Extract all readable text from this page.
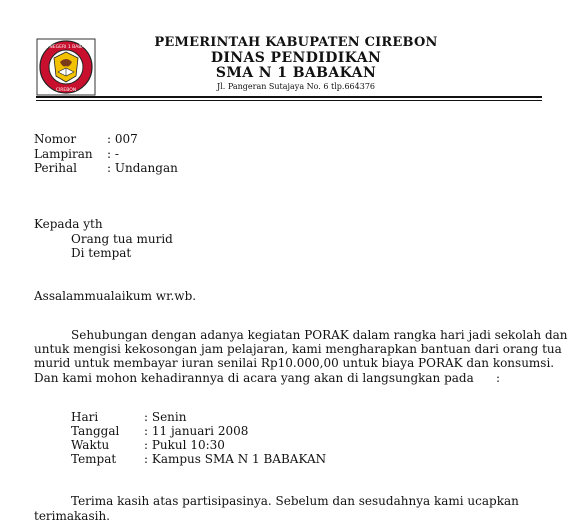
SMA NEGERI 1 BABAKAN
CIREBON
PEMERINTAH KABUPATEN CIREBON
DINAS PENDIDIKAN
SMA N 1 BABAKAN
Jl. Pangeran Sutajaya No. 6 tlp.664376
Nomor	: 007
Lampiran : -
Perihal	: Undangan
Kepada yth
Orang tua murid
Di tempat
Assalammualaikum wr.wb.
Sehubungan dengan adanya kegiatan PORAK dalam rangka hari jadi sekolah dan
untuk mengisi kekosongan jam pelajaran, kami mengharapkan bantuan dari orang tua
murid untuk membayar iuran senilai Rp10.000,00 untuk biaya PORAK dan konsumsi.
Dan kami mohon kehadirannya di acara yang akan di langsungkan pada :
Hari	: Senin
Tanggal : 11 januari 2008
Waktu	: Pukul 10:30
Tempat : Kampus SMA N 1 BABAKAN
Terima kasih atas partisipasinya. Sebelum dan sesudahnya kami ucapkan
terimakasih.
